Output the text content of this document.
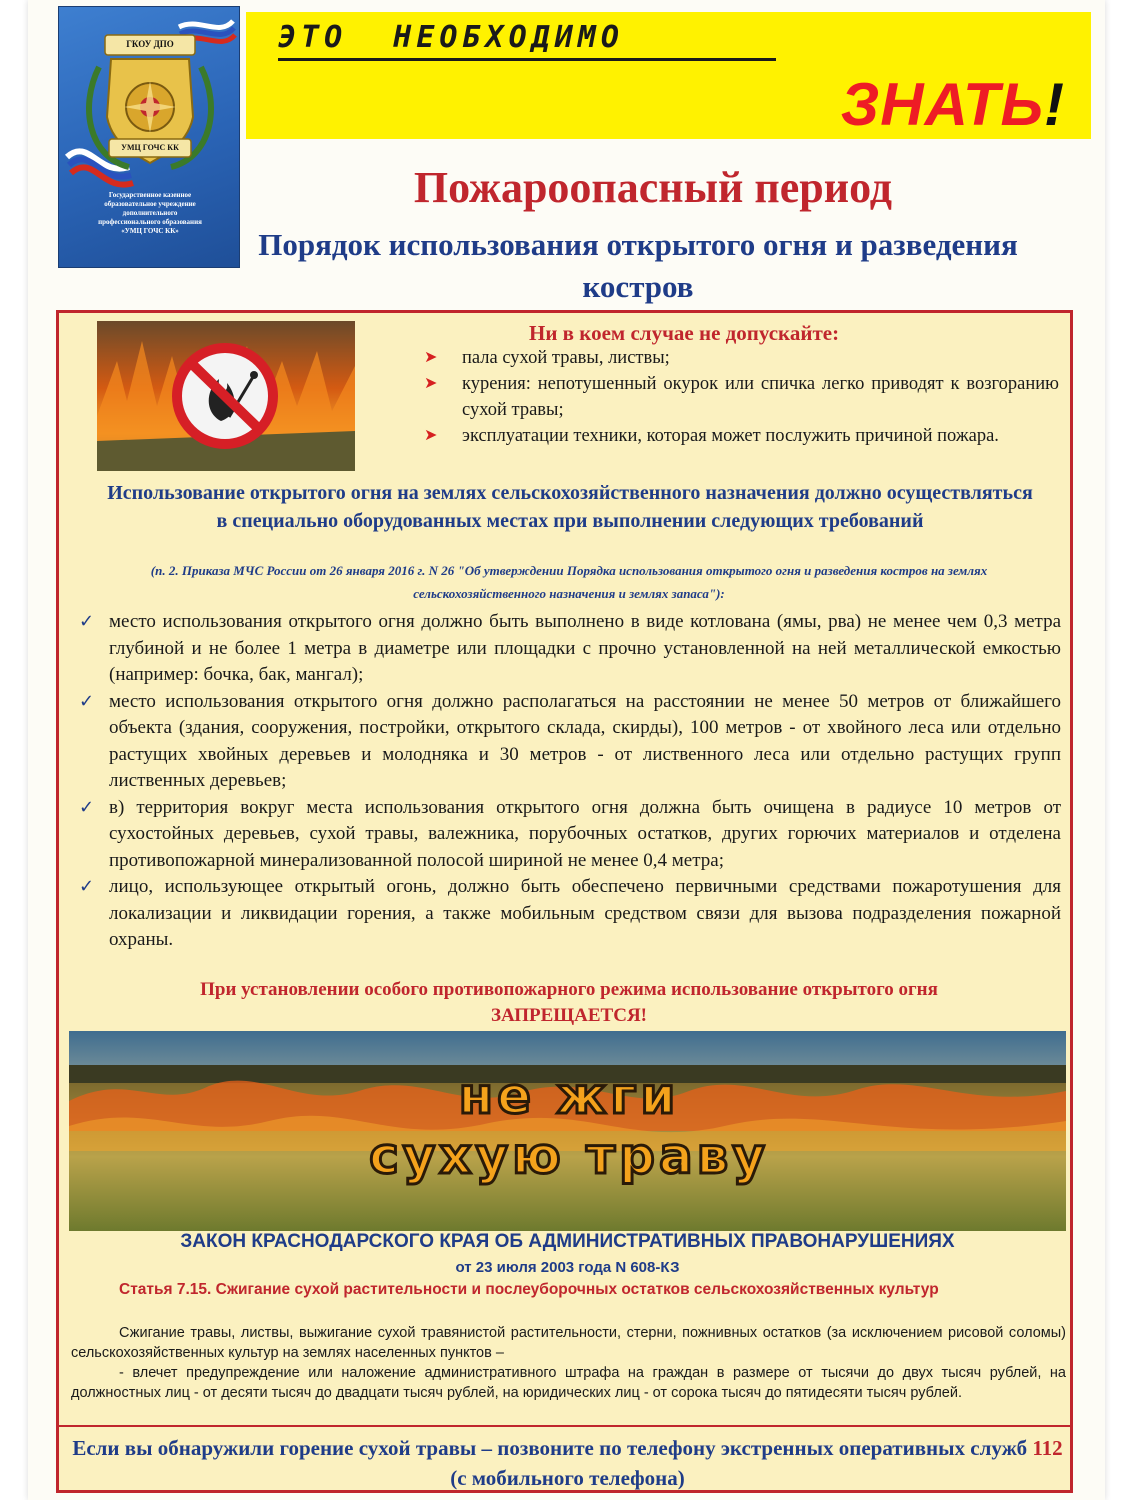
ГКОУ ДПО
УМЦ ГОЧС КК
Государственное казенное
образовательное учреждение
дополнительного
профессионального образования
«УМЦ ГОЧС КК»
ЭТО  НЕОБХОДИМО
ЗНАТЬ!
Пожароопасный период
Порядок использования открытого огня и разведения костров
Ни в коем случае не допускайте:
➤ пала сухой травы, листвы;
➤ курения: непотушенный окурок или спичка легко приводят к возгоранию сухой травы;
➤ эксплуатации техники, которая может послужить причиной пожара.
Использование открытого огня на землях сельскохозяйственного назначения должно осуществляться в специально оборудованных местах при выполнении следующих требований
(п. 2. Приказа МЧС России от 26 января 2016 г. N 26 "Об утверждении Порядка использования открытого огня и разведения костров на землях сельскохозяйственного назначения и землях запаса"):
✓ место использования открытого огня должно быть выполнено в виде котлована (ямы, рва) не менее чем 0,3 метра глубиной и не более 1 метра в диаметре или площадки с прочно установленной на ней металлической емкостью (например: бочка, бак, мангал);
✓ место использования открытого огня должно располагаться на расстоянии не менее 50 метров от ближайшего объекта (здания, сооружения, постройки, открытого склада, скирды), 100 метров - от хвойного леса или отдельно растущих хвойных деревьев и молодняка и 30 метров - от лиственного леса или отдельно растущих групп лиственных деревьев;
✓ в) территория вокруг места использования открытого огня должна быть очищена в радиусе 10 метров от сухостойных деревьев, сухой травы, валежника, порубочных остатков, других горючих материалов и отделена противопожарной минерализованной полосой шириной не менее 0,4 метра;
✓ лицо, использующее открытый огонь, должно быть обеспечено первичными средствами пожаротушения для локализации и ликвидации горения, а также мобильным средством связи для вызова подразделения пожарной охраны.
При установлении особого противопожарного режима использование открытого огня
ЗАПРЕЩАЕТСЯ!
не жги
сухую траву
ЗАКОН КРАСНОДАРСКОГО КРАЯ ОБ АДМИНИСТРАТИВНЫХ ПРАВОНАРУШЕНИЯХ
от 23 июля 2003 года N 608-КЗ
Статья 7.15. Сжигание сухой растительности и послеуборочных остатков сельскохозяйственных культур

Сжигание травы, листвы, выжигание сухой травянистой растительности, стерни, пожнивных остатков (за исключением рисовой соломы) сельскохозяйственных культур на землях населенных пунктов –

- влечет предупреждение или наложение административного штрафа на граждан в размере от тысячи до двух тысяч рублей, на должностных лиц - от десяти тысяч до двадцати тысяч рублей, на юридических лиц - от сорока тысяч до пятидесяти тысяч рублей.

Если вы обнаружили горение сухой травы – позвоните по телефону экстренных оперативных служб 112 (с мобильного телефона)
